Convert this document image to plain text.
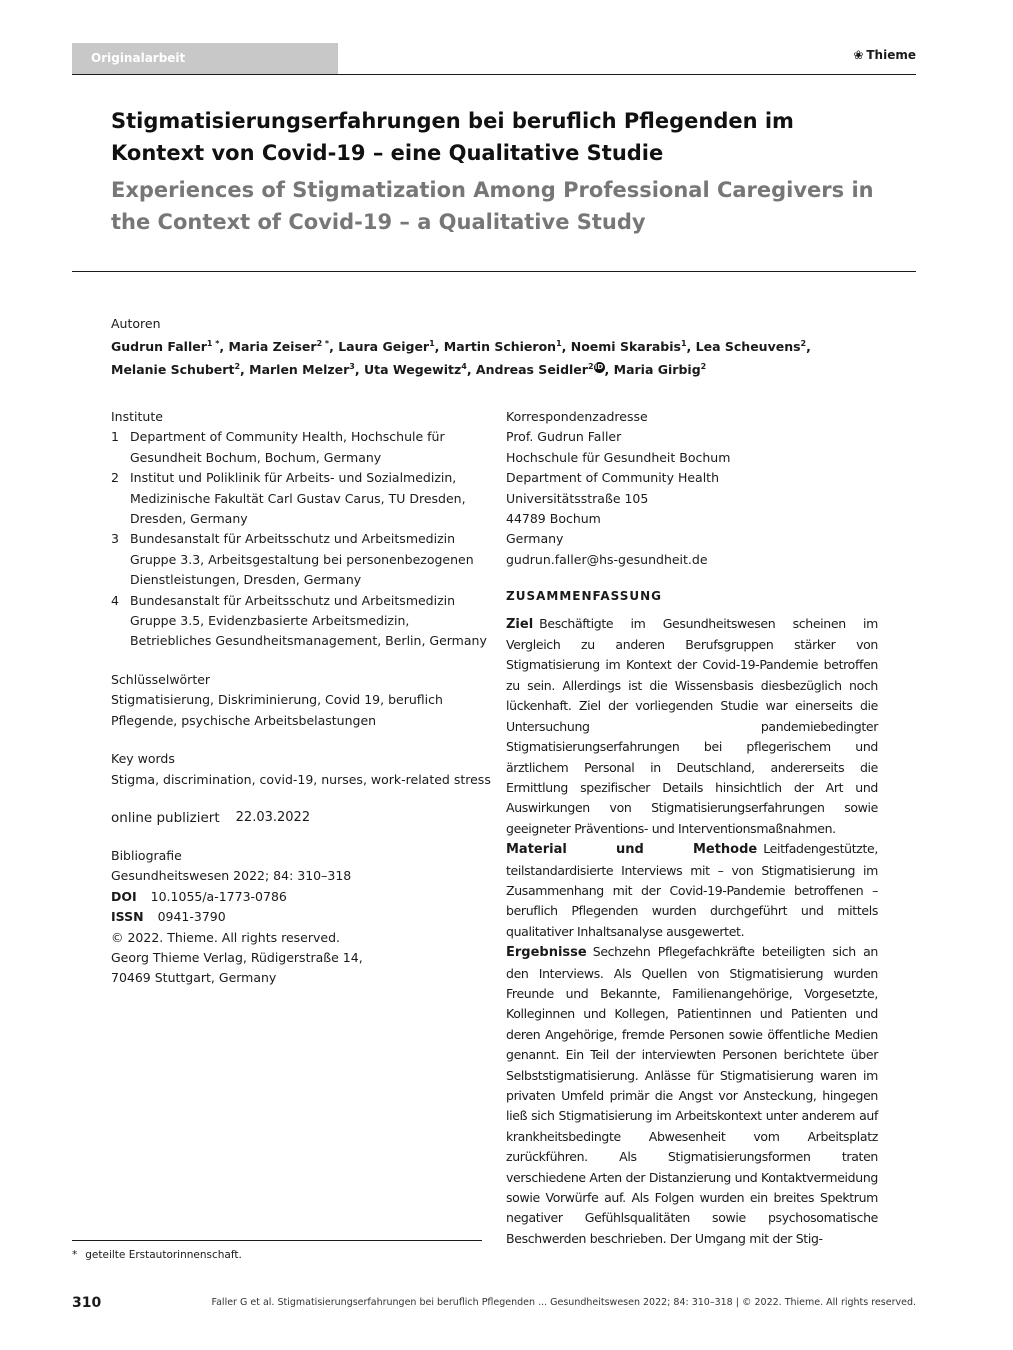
Originalarbeit	❀ Thieme
Stigmatisierungserfahrungen bei beruflich Pflegenden im Kontext von Covid-19 – eine Qualitative Studie
Experiences of Stigmatization Among Professional Caregivers in the Context of Covid-19 – a Qualitative Study
Autoren
Gudrun Faller$^{1 *}$, Maria Zeiser$^{2 *}$, Laura Geiger$^1$, Martin Schieron$^1$, Noemi Skarabis$^1$, Lea Scheuvens$^2$,
Melanie Schubert$^2$, Marlen Melzer$^3$, Uta Wegewitz$^4$, Andreas Seidler$^2$iD, Maria Girbig$^2$
Institute
1 Department of Community Health, Hochschule für Gesundheit Bochum, Bochum, Germany
2 Institut und Poliklinik für Arbeits- und Sozialmedizin, Medizinische Fakultät Carl Gustav Carus, TU Dresden, Dresden, Germany
3 Bundesanstalt für Arbeitsschutz und Arbeitsmedizin Gruppe 3.3, Arbeitsgestaltung bei personenbezogenen Dienstleistungen, Dresden, Germany
4 Bundesanstalt für Arbeitsschutz und Arbeitsmedizin Gruppe 3.5, Evidenzbasierte Arbeitsmedizin, Betriebliches Gesundheitsmanagement, Berlin, Germany
Schlüsselwörter
Stigmatisierung, Diskriminierung, Covid 19, beruflich Pflegende, psychische Arbeitsbelastungen
Key words
Stigma, discrimination, covid-19, nurses, work-related stress
online publiziert 22.03.2022
Bibliografie
Gesundheitswesen 2022; 84: 310–318
DOI 10.1055/a-1773-0786
ISSN 0941-3790
© 2022. Thieme. All rights reserved.
Georg Thieme Verlag, Rüdigerstraße 14,
70469 Stuttgart, Germany
Korrespondenzadresse
Prof. Gudrun Faller
Hochschule für Gesundheit Bochum
Department of Community Health
Universitätsstraße 105
44789 Bochum
Germany
gudrun.faller@hs-gesundheit.de
ZUSAMMENFASSUNG

Ziel Beschäftigte im Gesundheitswesen scheinen im Vergleich zu anderen Berufsgruppen stärker von Stigmatisierung im Kontext der Covid-19-Pandemie betroffen zu sein. Allerdings ist die Wissensbasis diesbezüglich noch lückenhaft. Ziel der vorliegenden Studie war einerseits die Untersuchung pandemiebedingter Stigmatisierungserfahrungen bei pflegerischem und ärztlichem Personal in Deutschland, andererseits die Ermittlung spezifischer Details hinsichtlich der Art und Auswirkungen von Stigmatisierungserfahrungen sowie geeigneter Präventions- und Interventionsmaßnahmen.

Material und Methode Leitfadengestützte, teilstandardisierte Interviews mit – von Stigmatisierung im Zusammenhang mit der Covid-19-Pandemie betroffenen – beruflich Pflegenden wurden durchgeführt und mittels qualitativer Inhaltsanalyse ausgewertet.

Ergebnisse Sechzehn Pflegefachkräfte beteiligten sich an den Interviews. Als Quellen von Stigmatisierung wurden Freunde und Bekannte, Familienangehörige, Vorgesetzte, Kolleginnen und Kollegen, Patientinnen und Patienten und deren Angehörige, fremde Personen sowie öffentliche Medien genannt. Ein Teil der interviewten Personen berichtete über Selbststigmatisierung. Anlässe für Stigmatisierung waren im privaten Umfeld primär die Angst vor Ansteckung, hingegen ließ sich Stigmatisierung im Arbeitskontext unter anderem auf krankheitsbedingte Abwesenheit vom Arbeitsplatz zurückführen. Als Stigmatisierungsformen traten verschiedene Arten der Distanzierung und Kontaktvermeidung sowie Vorwürfe auf. Als Folgen wurden ein breites Spektrum negativer Gefühlsqualitäten sowie psychosomatische Beschwerden beschrieben. Der Umgang mit der Stig-

* geteilte Erstautorinnenschaft.
310	Faller G et al. Stigmatisierungserfahrungen bei beruflich Pflegenden ... Gesundheitswesen 2022; 84: 310–318 | © 2022. Thieme. All rights reserved.
